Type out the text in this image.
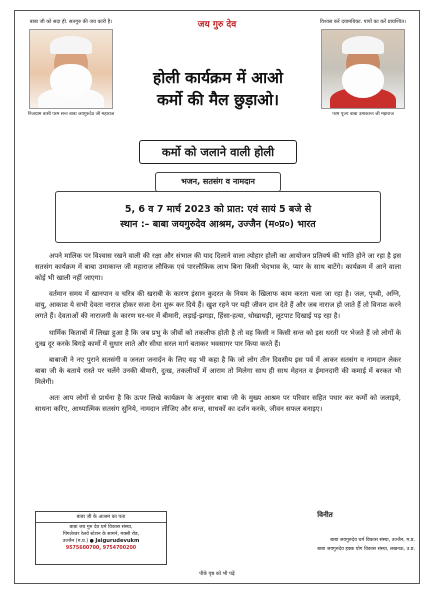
जय गुरु देव
बाबा जी को सदा ही. सतगुरु की जय कारी है।
निजधाम वासी परम सन्त बाबा जयगुरुदेव जी महाराज
विश्वस करें दयामयिका. पापों का करें प्रायश्चित।
परम पूज्य बाबा उमाकान्त जी महाराज
होली कार्यक्रम में आओ
कर्मो की मैल छुड़ाओ।
कर्मो को जलाने वाली होली
5, 6 व 7 मार्च 2023 को प्रात: एवं सायं 5 बजे से
स्थान :– बाबा जयगुरुदेव आश्रम, उज्जैन (म०प्र०) भारत
भजन, सतसंग व नामदान

अपने मालिक पर विश्वास रखने वाली की रक्षा और संभाल की याद दिलाने वाला त्योहार होली का आयोजन प्रतिवर्ष की भांति होने जा रहा है इस सतसंग कार्यक्रम में बाबा उमाकान्त जी महाराज लौकिक एवं पारलौकिक लाभ बिना किसी भेदभाव के, प्यार के साथ बाटेंगे। कार्यक्रम में आने वाला कोई भी खाली नहीं जाएगा।

वर्तमान समय में खानपान व चरित्र की खराबी के कारण इंसान कुदरत के नियम के खिलाफ काम करता चला जा रहा है। जल, पृथ्वी, अग्नि, वायु, आकाश ये सभी देवता नाराज होकर सजा देना शुरू कर दिये हैं। खुश रहने पर यही जीवन दान देते हैं और जब नाराज हो जाते हैं तो विनाश करने लगते हैं। देवताओं की नाराजगी के कारण घर-घर में बीमारी, लड़ाई-झगड़ा, हिंसा-हत्या, धोखाधड़ी, लूटपाट दिखाई पड़ रहा है।

धार्मिक किताबों में लिखा हुआ है कि जब प्रभु के जीवों को तकलीफ होती है तो वह किसी न किसी सन्त को इस धरती पर भेजते हैं जो लोगों के दुःख दूर करके बिगड़े कामों में सुधार लाते और सीधा सरल मार्ग बताकर भवसागर पार किया करते हैं।

बाबाजी ने नए पुराने सतसंगी व जनता जनार्दन के लिए यह भी कहा है कि जो लोग तीन दिवसीय इस पर्व में आकर सतसंग व नामदान लेकर बाबा जी के बताये रास्ते पर चलेंगे उनकी बीमारी, दुःख, तकलीफों में आराम तो मिलेगा साथ ही साथ मेहनत व ईमानदारी की कमाई में बरकत भी मिलेगी।

अतः आप लोगों से प्रार्थना है कि ऊपर लिखे कार्यक्रम के अनुसार बाबा जी के मुख्य आश्रम पर परिवार सहित पधार कर कर्मों को जलाइये, साधना करिए, आध्यात्मिक सतसंग सुनिये, नामदान लीजिए और सन्त, साधकों का दर्शन करके, जीवन सफल बनाइए।

बाबा जी के आश्रम का पता
बाबा जय गुरु देव धर्म विकास संस्था,
पिंगलेश्वर रेलवे स्टेशन के सामने, मक्सी रोड,
उज्जैन (म.प्र.) ● Jaigurudevukm
9575600700, 9754700200
विनीत
बाबा जयगुरुदेव धर्म विकास संस्था, उज्जैन, म.प्र.
बाबा जयगुरुदेव हक्क योग विकास संस्था, लखनऊ, उ.प्र.
पीछे पृष्ठ को भी पढ़ें
